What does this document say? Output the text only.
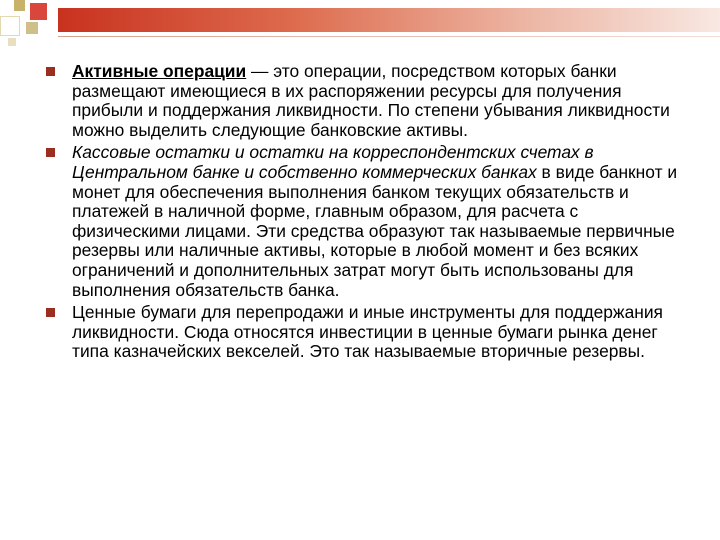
Активные операции — это операции, посредством которых банки размещают имеющиеся в их распоряжении ресурсы для получения прибыли и поддержания ликвидности. По степени убывания ликвидности можно выделить следующие банковские активы.
Кассовые остатки и остатки на корреспондентских счетах в Центральном банке и собственно коммерческих банках в виде банкнот и монет для обеспечения выполнения банком текущих обязательств и платежей в наличной форме, главным образом, для расчета с физическими лицами. Эти средства образуют так называемые первичные резервы или наличные активы, которые в любой момент и без всяких ограничений и дополнительных затрат могут быть использованы для выполнения обязательств банка.
Ценные бумаги для перепродажи и иные инструменты для поддержания ликвидности. Сюда относятся инвестиции в ценные бумаги рынка денег типа казначейских векселей. Это так называемые вторичные резервы.
